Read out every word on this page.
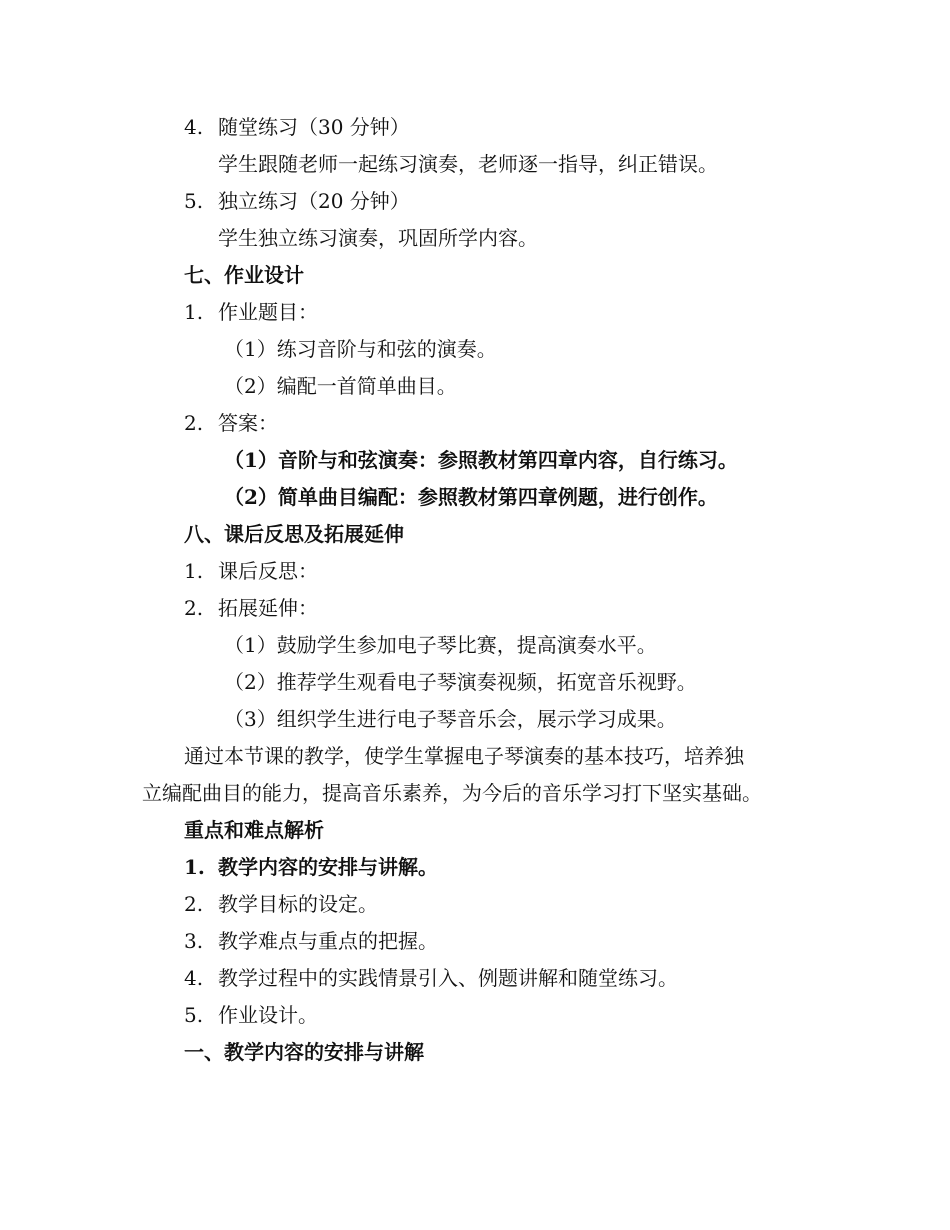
4. 随堂练习（30 分钟）
学生跟随老师一起练习演奏，老师逐一指导，纠正错误。
5. 独立练习（20 分钟）
学生独立练习演奏，巩固所学内容。
七、作业设计
1. 作业题目：
（1）练习音阶与和弦的演奏。
（2）编配一首简单曲目。
2. 答案：
（1）音阶与和弦演奏：参照教材第四章内容，自行练习。
（2）简单曲目编配：参照教材第四章例题，进行创作。
八、课后反思及拓展延伸
1. 课后反思：
2. 拓展延伸：
（1）鼓励学生参加电子琴比赛，提高演奏水平。
（2）推荐学生观看电子琴演奏视频，拓宽音乐视野。
（3）组织学生进行电子琴音乐会，展示学习成果。
通过本节课的教学，使学生掌握电子琴演奏的基本技巧，培养独
立编配曲目的能力，提高音乐素养，为今后的音乐学习打下坚实基础。
重点和难点解析
1. 教学内容的安排与讲解。
2. 教学目标的设定。
3. 教学难点与重点的把握。
4. 教学过程中的实践情景引入、例题讲解和随堂练习。
5. 作业设计。
一、教学内容的安排与讲解
